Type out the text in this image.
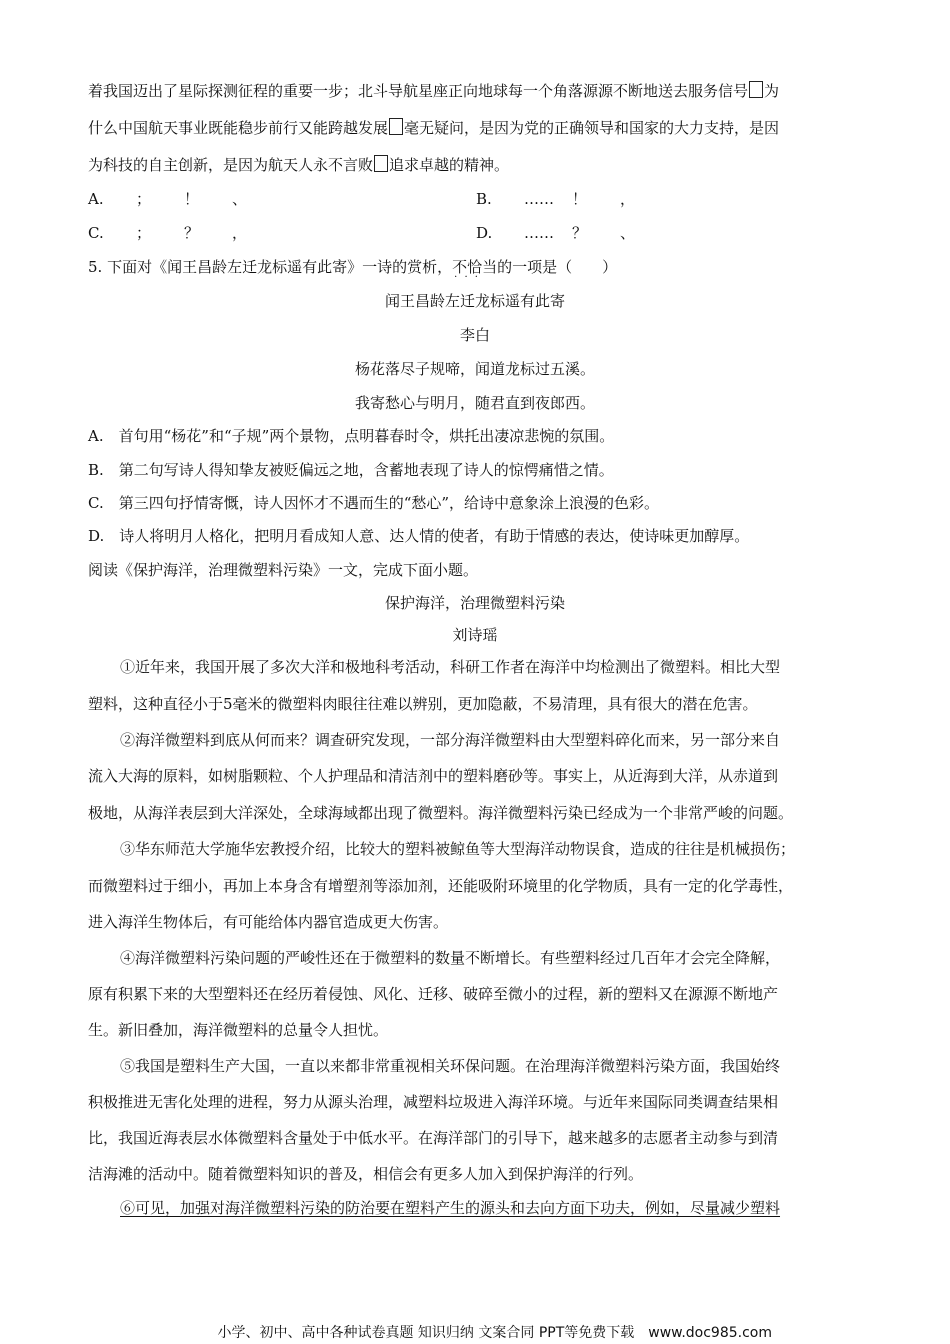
着我国迈出了星际探测征程的重要一步；北斗导航星座正向地球每一个角落源源不断地送去服务信号 为
什么中国航天事业既能稳步前行又能跨越发展 毫无疑问，是因为党的正确领导和国家的大力支持，是因
为科技的自主创新，是因为航天人永不言败 追求卓越的精神。
A. ； ！ 、	B. …… ！ ，
C. ； ？ ，	D. …… ？ 、
5. 下面对《闻王昌龄左迁龙标遥有此寄》一诗的赏析，不恰当 · · ·的一项是（　　）
闻王昌龄左迁龙标遥有此寄
李白
杨花落尽子规啼，闻道龙标过五溪。
我寄愁心与明月，随君直到夜郎西。
A.　首句用“杨花”和“子规”两个景物，点明暮春时令，烘托出凄凉悲惋的氛围。
B.　第二句写诗人得知挚友被贬偏远之地，含蓄地表现了诗人的惊愕痛惜之情。
C.　第三四句抒情寄慨，诗人因怀才不遇而生的“愁心”，给诗中意象涂上浪漫的色彩。
D.　诗人将明月人格化，把明月看成知人意、达人情的使者，有助于情感的表达，使诗味更加醇厚。
阅读《保护海洋，治理微塑料污染》一文，完成下面小题。
保护海洋，治理微塑料污染
刘诗瑶
①近年来，我国开展了多次大洋和极地科考活动，科研工作者在海洋中均检测出了微塑料。相比大型
塑料，这种直径小于5毫米的微塑料肉眼往往难以辨别，更加隐蔽，不易清理，具有很大的潜在危害。
②海洋微塑料到底从何而来？调查研究发现，一部分海洋微塑料由大型塑料碎化而来，另一部分来自
流入大海的原料，如树脂颗粒、个人护理品和清洁剂中的塑料磨砂等。事实上，从近海到大洋，从赤道到
极地，从海洋表层到大洋深处，全球海域都出现了微塑料。海洋微塑料污染已经成为一个非常严峻的问题。
③华东师范大学施华宏教授介绍，比较大的塑料被鲸鱼等大型海洋动物误食，造成的往往是机械损伤；
而微塑料过于细小，再加上本身含有增塑剂等添加剂，还能吸附环境里的化学物质，具有一定的化学毒性，
进入海洋生物体后，有可能给体内器官造成更大伤害。
④海洋微塑料污染问题的严峻性还在于微塑料的数量不断增长。有些塑料经过几百年才会完全降解，
原有积累下来的大型塑料还在经历着侵蚀、风化、迁移、破碎至微小的过程，新的塑料又在源源不断地产
生。新旧叠加，海洋微塑料的总量令人担忧。
⑤我国是塑料生产大国，一直以来都非常重视相关环保问题。在治理海洋微塑料污染方面，我国始终
积极推进无害化处理的进程，努力从源头治理，减塑料垃圾进入海洋环境。与近年来国际同类调查结果相
比，我国近海表层水体微塑料含量处于中低水平。在海洋部门的引导下，越来越多的志愿者主动参与到清
洁海滩的活动中。随着微塑料知识的普及，相信会有更多人加入到保护海洋的行列。
⑥可见，加强对海洋微塑料污染的防治要在塑料产生的源头和去向方面下功夫，例如，尽量减少塑料
小学、初中、高中各种试卷真题 知识归纳 文案合同 PPT等免费下载　www.doc985.com
